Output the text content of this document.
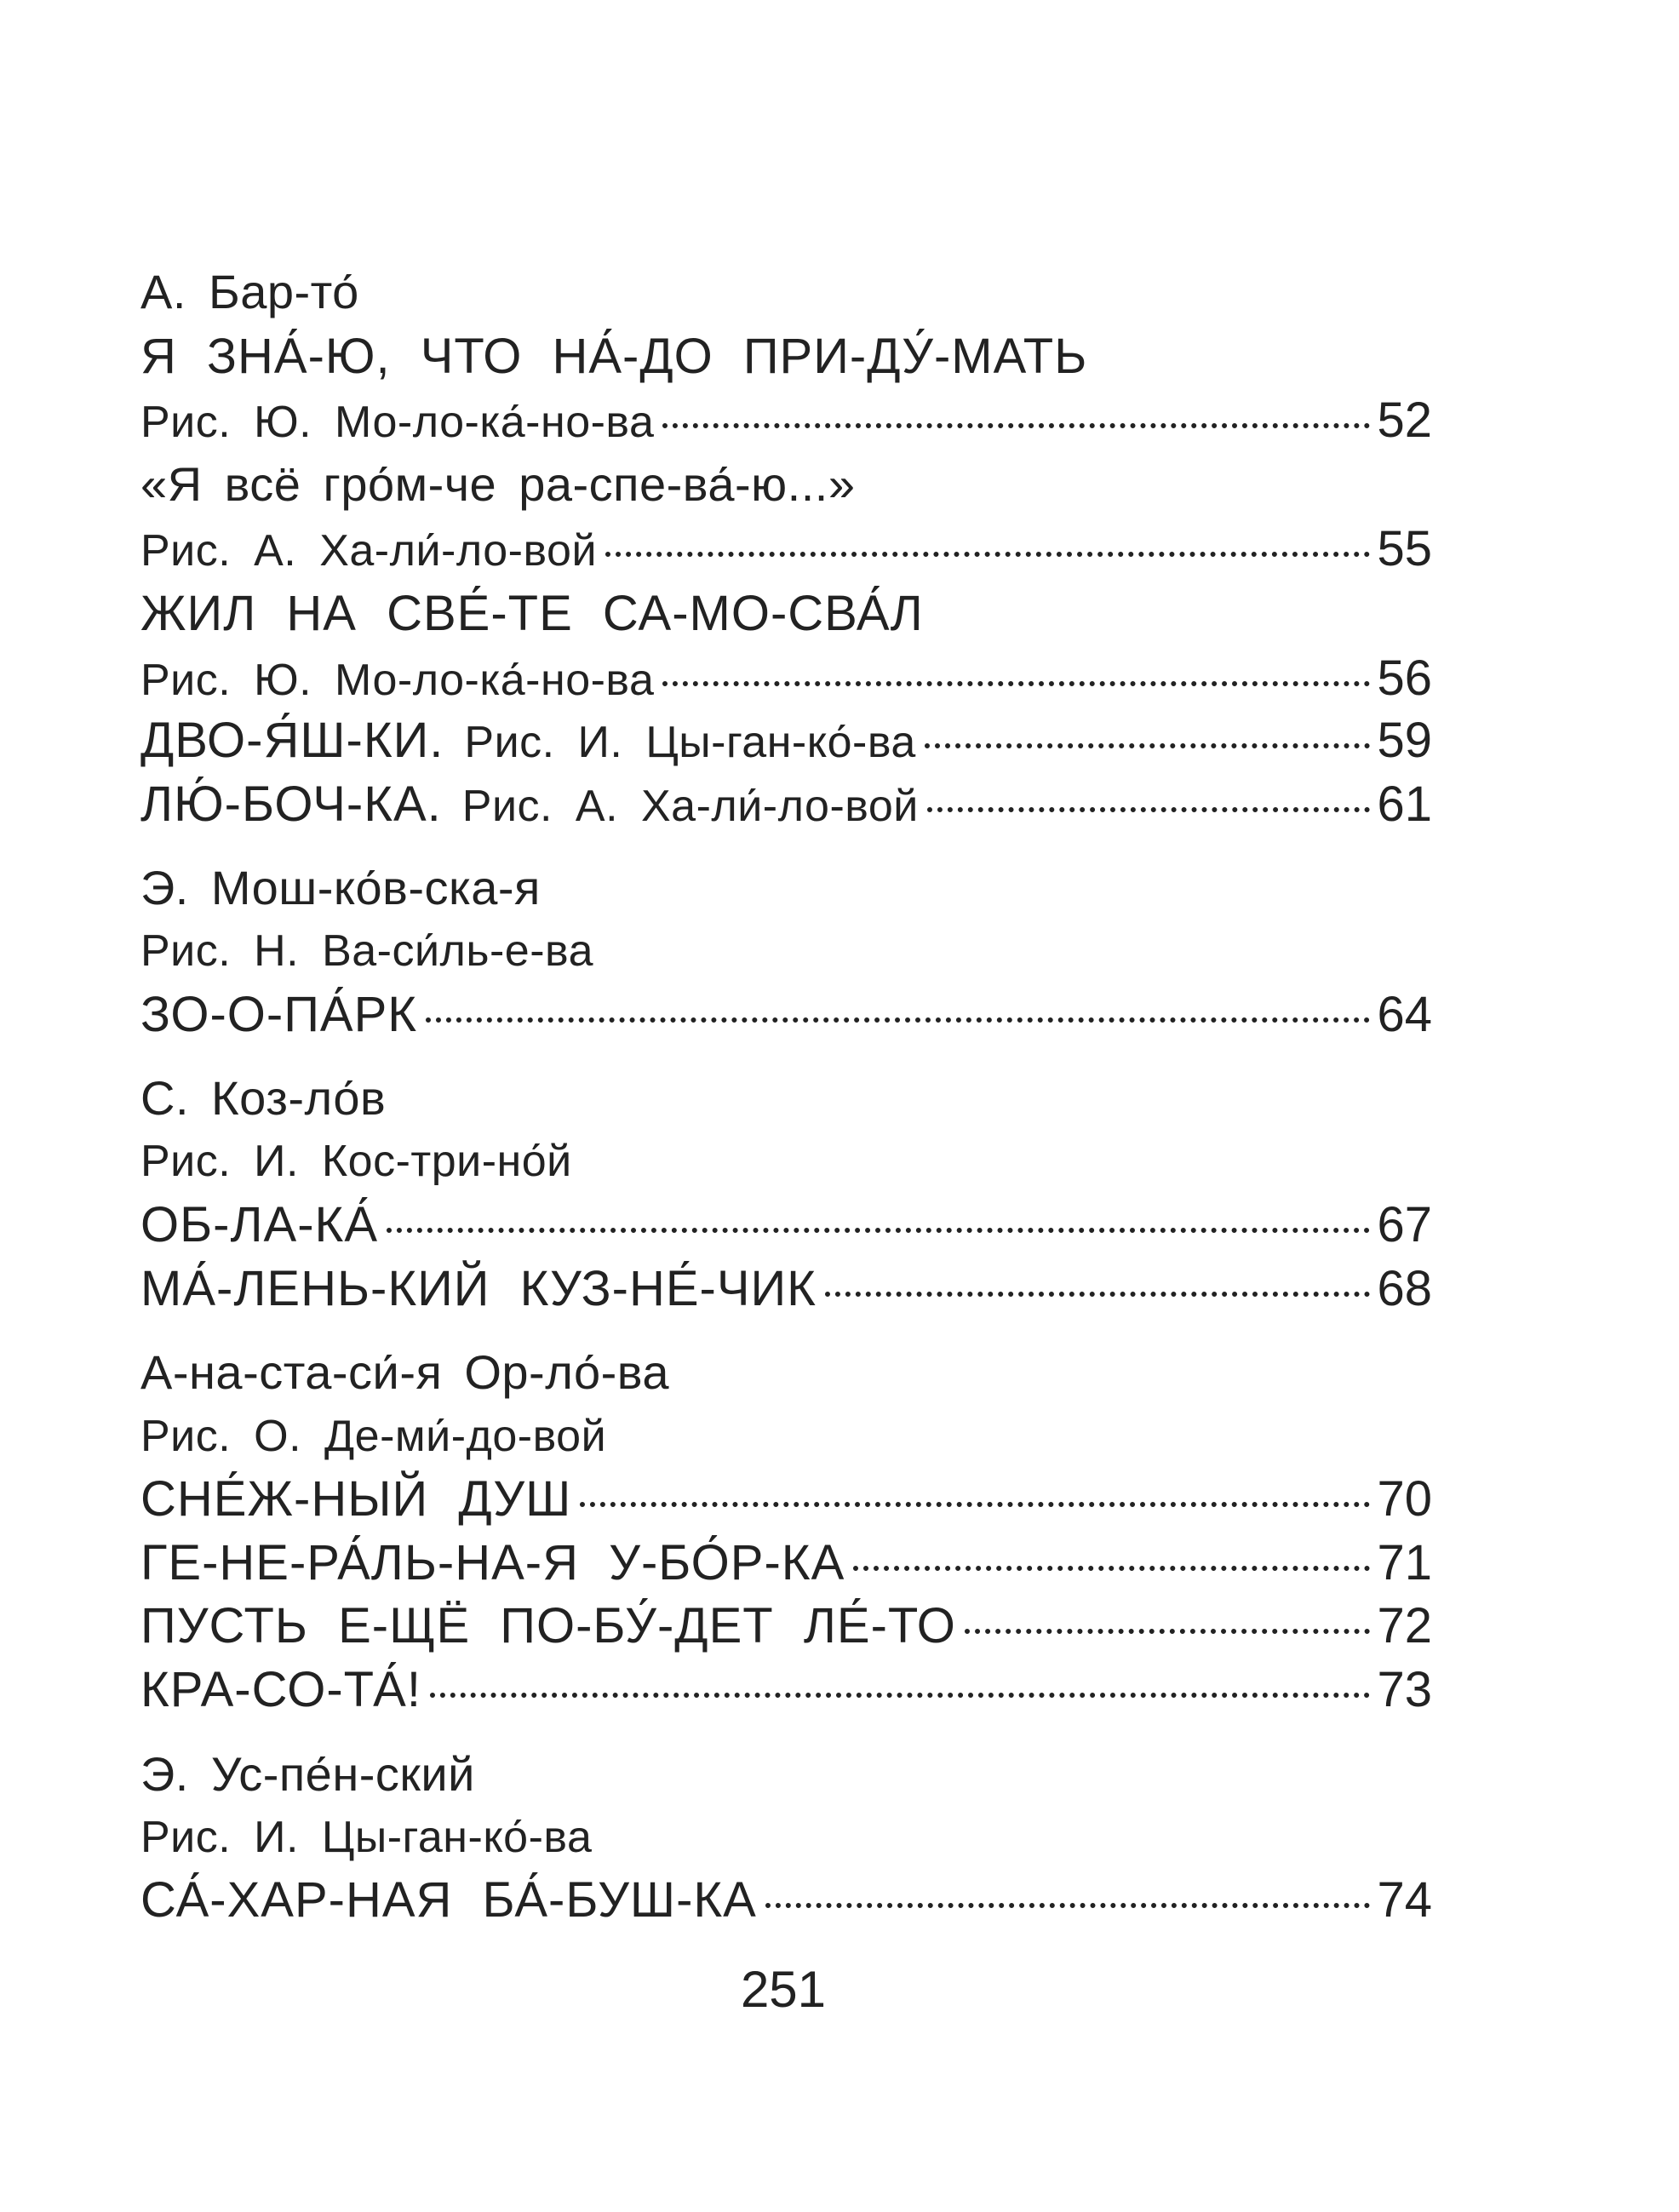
А. Бар-то́
Я ЗНА́-Ю, ЧТО НА́-ДО ПРИ-ДУ́-МАТЬ
Рис. Ю. Мо-ло-ка́-но-ва	52
«Я всё гро́м-че ра-спе-ва́-ю...»
Рис. А. Ха-ли́-ло-вой	55
ЖИЛ НА СВЕ́-ТЕ СА-МО-СВА́Л
Рис. Ю. Мо-ло-ка́-но-ва	56
ДВО-Я́Ш-КИ. Рис. И. Цы-ган-ко́-ва	59
ЛЮ́-БОЧ-КА. Рис. А. Ха-ли́-ло-вой	61
Э. Мош-ко́в-ска-я
Рис. Н. Ва-си́ль-е-ва
ЗО-О-ПА́РК	64
С. Коз-ло́в
Рис. И. Кос-три-но́й
ОБ-ЛА-КА́	67
МА́-ЛЕНЬ-КИЙ КУЗ-НЕ́-ЧИК	68
А-на-ста-си́-я Ор-ло́-ва
Рис. О. Де-ми́-до-вой
СНЕ́Ж-НЫЙ ДУШ	70
ГЕ-НЕ-РА́ЛЬ-НА-Я У-БО́Р-КА	71
ПУСТЬ Е-ЩЁ ПО-БУ́-ДЕТ ЛЕ́-ТО	72
КРА-СО-ТА́!	73
Э. Ус-пе́н-ский
Рис. И. Цы-ган-ко́-ва
СА́-ХАР-НАЯ БА́-БУШ-КА	74
251
